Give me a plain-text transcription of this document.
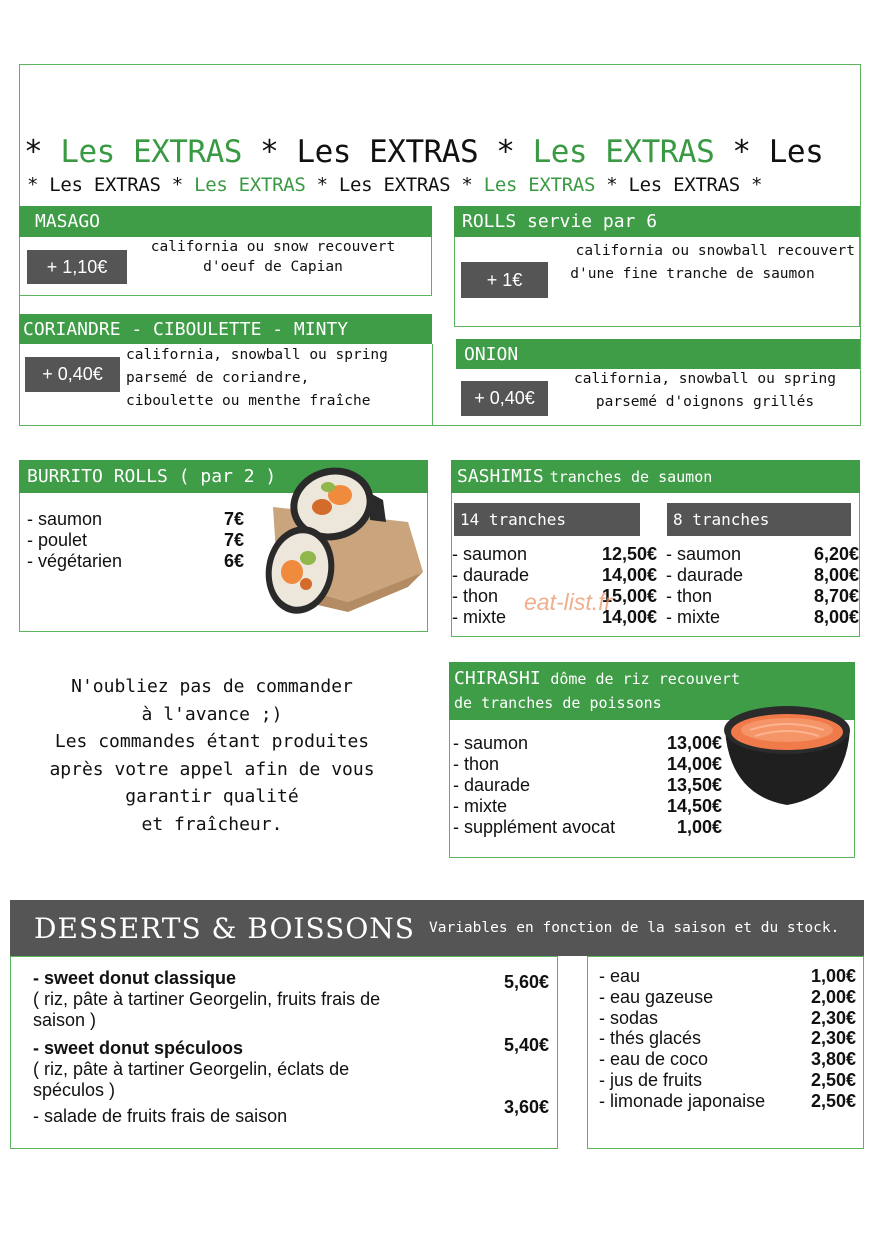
* Les EXTRAS * Les EXTRAS * Les EXTRAS * Les
* Les EXTRAS * Les EXTRAS * Les EXTRAS * Les EXTRAS * Les EXTRAS *
MASAGO
+ 1,10€
california ou snow recouvert
d'oeuf de Capian
ROLLS servie par 6
+ 1€
california ou snowball recouvert
d'une fine tranche de saumon
CORIANDRE - CIBOULETTE - MINTY
+ 0,40€
california, snowball ou spring
parsemé de coriandre,
ciboulette ou menthe fraîche
ONION
+ 0,40€
california, snowball ou spring
parsemé d'oignons grillés
BURRITO ROLLS ( par 2 )
- saumon	7€
- poulet	7€
- végétarien	6€
SASHIMIS tranches de saumon
14 tranches	8 tranches
- saumon	12,50€
- daurade	14,00€
- thon	15,00€
- mixte	14,00€
- saumon	6,20€
- daurade	8,00€
- thon	8,70€
- mixte	8,00€
eat-list.fr
N'oubliez pas de commander
à l'avance ;)
Les commandes étant produites
après votre appel afin de vous
garantir qualité
et fraîcheur.
CHIRASHI dôme de riz recouvert
de tranches de poissons
- saumon	13,00€
- thon	14,00€
- daurade	13,50€
- mixte	14,50€
- supplément avocat	1,00€
DESSERTS & BOISSONS Variables en fonction de la saison et du stock.
- sweet donut classique
( riz, pâte à tartiner Georgelin, fruits frais de
saison )
5,60€
- sweet donut spéculoos
( riz, pâte à tartiner Georgelin, éclats de
spéculos )
5,40€
- salade de fruits frais de saison	3,60€
- eau	1,00€
- eau gazeuse	2,00€
- sodas	2,30€
- thés glacés	2,30€
- eau de coco	3,80€
- jus de fruits	2,50€
- limonade japonaise	2,50€
